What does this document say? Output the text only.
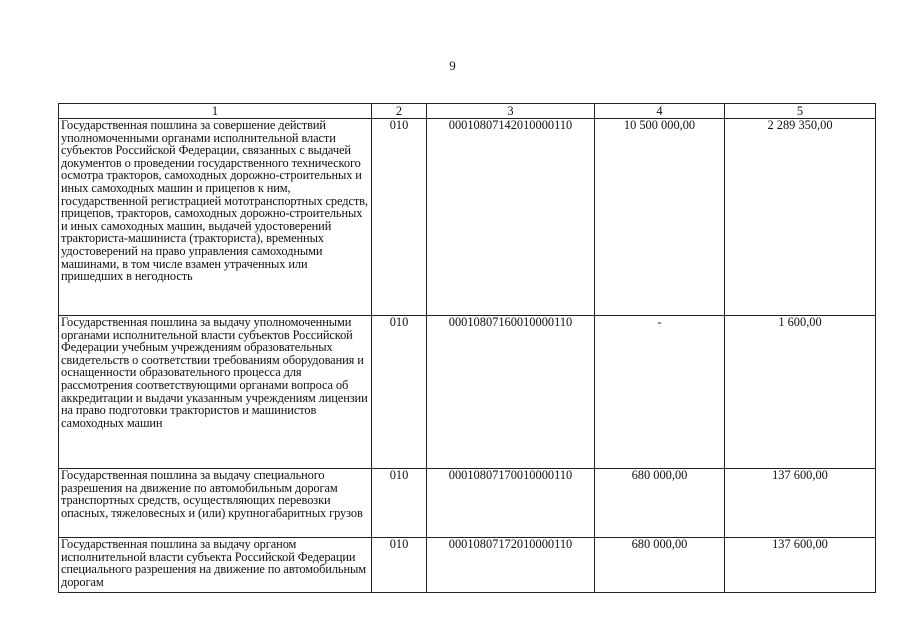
9
1	2	3	4	5
Государственная пошлина за совершение действий уполномоченными органами исполнительной власти субъектов Российской Федерации, связанных с выдачей документов о проведении государственного технического осмотра тракторов, самоходных дорожно-строительных и иных самоходных машин и прицепов к ним, государственной регистрацией мототранспортных средств, прицепов, тракторов, самоходных дорожно-строительных и иных самоходных машин, выдачей удостоверений тракториста-машиниста (тракториста), временных удостоверений на право управления самоходными машинами, в том числе взамен утраченных или пришедших в негодность	010	00010807142010000110	10 500 000,00	2 289 350,00
Государственная пошлина за выдачу уполномоченными органами исполнительной власти субъектов Российской Федерации учебным учреждениям образовательных свидетельств о соответствии требованиям оборудования и оснащенности образовательного процесса для рассмотрения соответствующими органами вопроса об аккредитации и выдачи указанным учреждениям лицензии на право подготовки трактористов и машинистов самоходных машин	010	00010807160010000110	-	1 600,00
Государственная пошлина за выдачу специального разрешения на движение по автомобильным дорогам транспортных средств, осуществляющих перевозки опасных, тяжеловесных и (или) крупногабаритных грузов	010	00010807170010000110	680 000,00	137 600,00
Государственная пошлина за выдачу органом исполнительной власти субъекта Российской Федерации специального разрешения на движение по автомобильным дорогам	010	00010807172010000110	680 000,00	137 600,00
